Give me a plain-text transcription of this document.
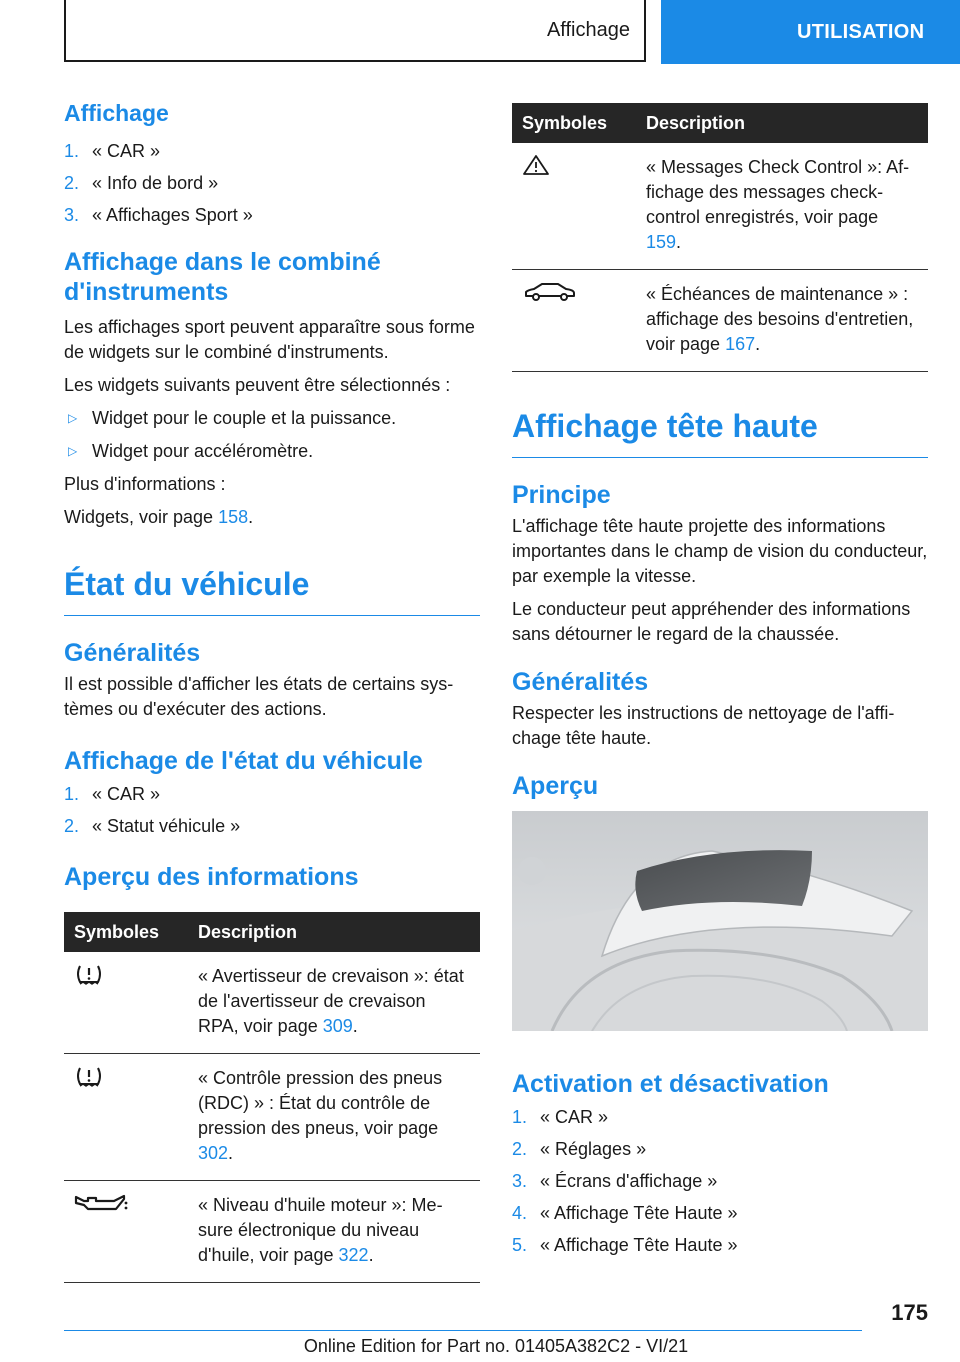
Affichage	UTILISATION
Affichage
1. « CAR »
2. « Info de bord »
3. « Affichages Sport »
Affichage dans le combiné d'instruments

Les affichages sport peuvent apparaître sous forme de widgets sur le combiné d'instruments.

Les widgets suivants peuvent être sélectionnés :

▷ Widget pour le couple et la puissance.
▷ Widget pour accéléromètre.

Plus d'informations :

Widgets, voir page 158.

État du véhicule
Généralités

Il est possible d'afficher les états de certains systèmes ou d'exécuter des actions.

Affichage de l'état du véhicule
1. « CAR »
2. « Statut véhicule »
Aperçu des informations
Symboles	Description
	« Avertisseur de crevaison »: état de l'avertisseur de crevaison RPA, voir page 309.
	« Contrôle pression des pneus (RDC) » : État du contrôle de pression des pneus, voir page 302.
	« Niveau d'huile moteur »: Mesure électronique du niveau d'huile, voir page 322.
Symboles	Description
	« Messages Check Control »: Affichage des messages check-control enregistrés, voir page 159.
	« Échéances de maintenance » : affichage des besoins d'entretien, voir page 167.
Affichage tête haute
Principe

L'affichage tête haute projette des informations importantes dans le champ de vision du conducteur, par exemple la vitesse.

Le conducteur peut appréhender des informations sans détourner le regard de la chaussée.

Généralités

Respecter les instructions de nettoyage de l'affichage tête haute.

Aperçu
Activation et désactivation
1. « CAR »
2. « Réglages »
3. « Écrans d'affichage »
4. « Affichage Tête Haute »
5. « Affichage Tête Haute »
175
Online Edition for Part no. 01405A382C2 - VI/21
